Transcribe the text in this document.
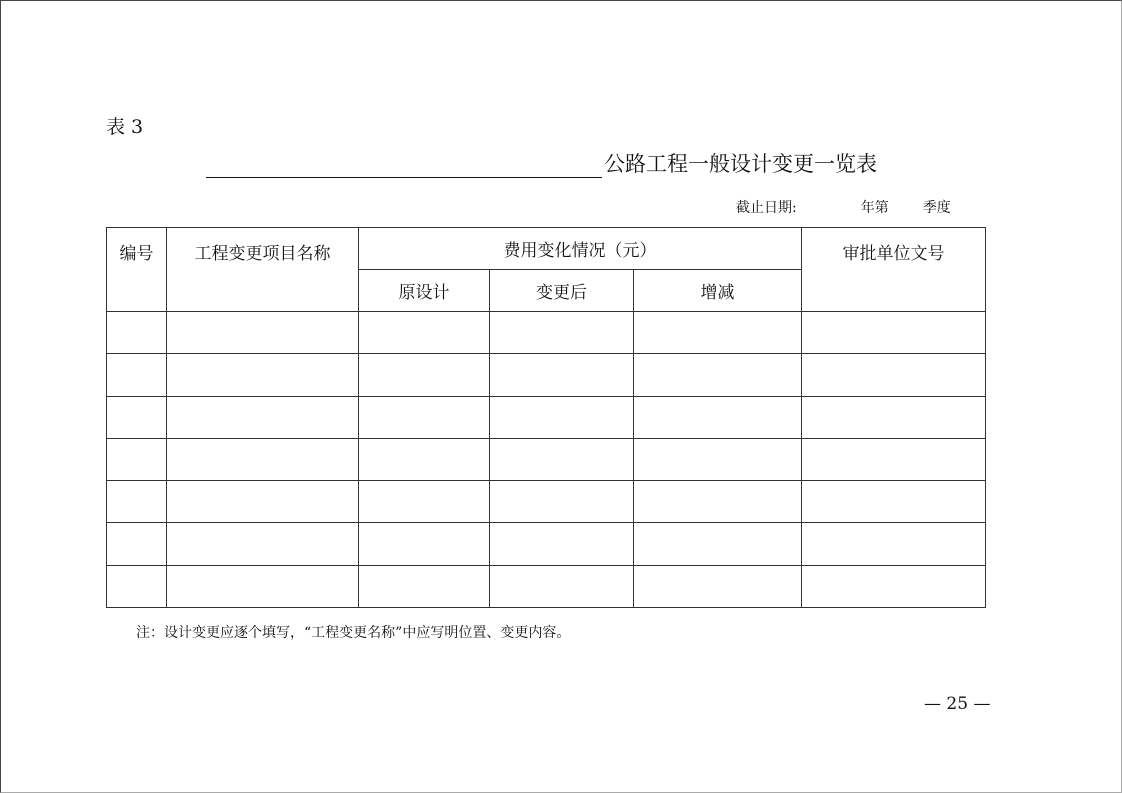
表 3
公路工程一般设计变更一览表
截止日期:	年第 季度
编号	工程变更项目名称	费用变化情况（元）			审批单位文号

		原设计	变更后	增减	

注：设计变更应逐个填写，“工程变更名称”中应写明位置、变更内容。
— 25 —
